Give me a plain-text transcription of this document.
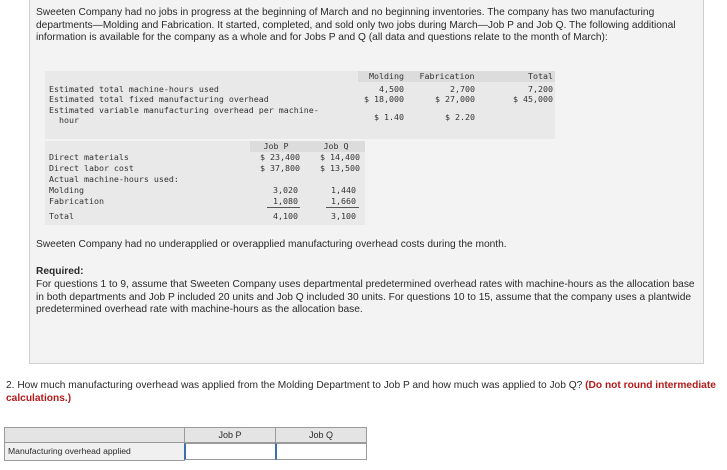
Sweeten Company had no jobs in progress at the beginning of March and no beginning inventories. The company has two manufacturing departments—Molding and Fabrication. It started, completed, and sold only two jobs during March—Job P and Job Q. The following additional information is available for the company as a whole and for Jobs P and Q (all data and questions relate to the month of March):
Molding	Fabrication	Total
Estimated total machine-hours used	4,500	2,700	7,200
Estimated total fixed manufacturing overhead	$ 18,000	$ 27,000	$ 45,000
Estimated variable manufacturing overhead per machine-
hour	$ 1.40	$ 2.20
Job P	Job Q
Direct materials	$ 23,400	$ 14,400
Direct labor cost	$ 37,800	$ 13,500
Actual machine-hours used:
Molding	3,020	1,440
Fabrication	1,080	1,660
Total	4,100	3,100
Sweeten Company had no underapplied or overapplied manufacturing overhead costs during the month.
Required:
For questions 1 to 9, assume that Sweeten Company uses departmental predetermined overhead rates with machine-hours as the allocation base in both departments and Job P included 20 units and Job Q included 30 units. For questions 10 to 15, assume that the company uses a plantwide predetermined overhead rate with machine-hours as the allocation base.
2. How much manufacturing overhead was applied from the Molding Department to Job P and how much was applied to Job Q? (Do not round intermediate calculations.)
Job P	Job Q
Manufacturing overhead applied
